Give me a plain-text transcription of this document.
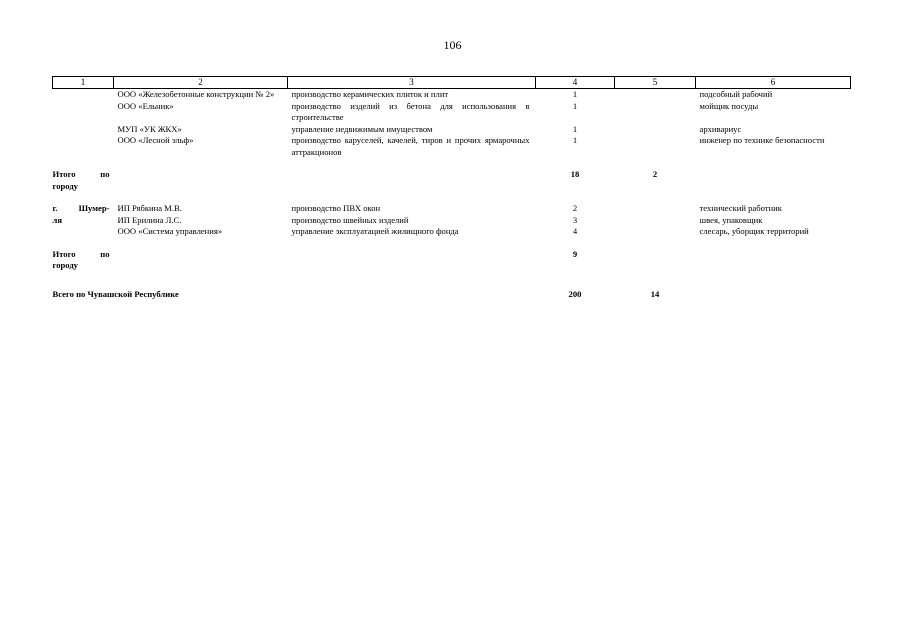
106
1	2	3	4	5	6
	ООО «Железобетонные конструкции № 2»	производство керамических плиток и плит	1		подсобный рабочий
	ООО «Ельник»	производство изделий из бетона для использования в строительстве	1		мойщик посуды
	МУП «УК ЖКХ»	управление недвижимым имуществом	1		архивариус
	ООО «Лесной эльф»	производство каруселей, качелей, тиров и прочих ярмарочных аттракционов	1		инженер по технике безопасности

Итого по
городу			18	2	

г. Шумер-
ля	ИП Рябкина М.В.	производство ПВХ окон	2		технический работник
	ИП Ерилина Л.С.	производство швейных изделий	3		швея, упаковщик
	ООО «Система управления»	управление эксплуатацией жилищного фонда	4		слесарь, уборщик территорий

Итого по
городу			9		

Всего по Чувашской Республике			200	14	
